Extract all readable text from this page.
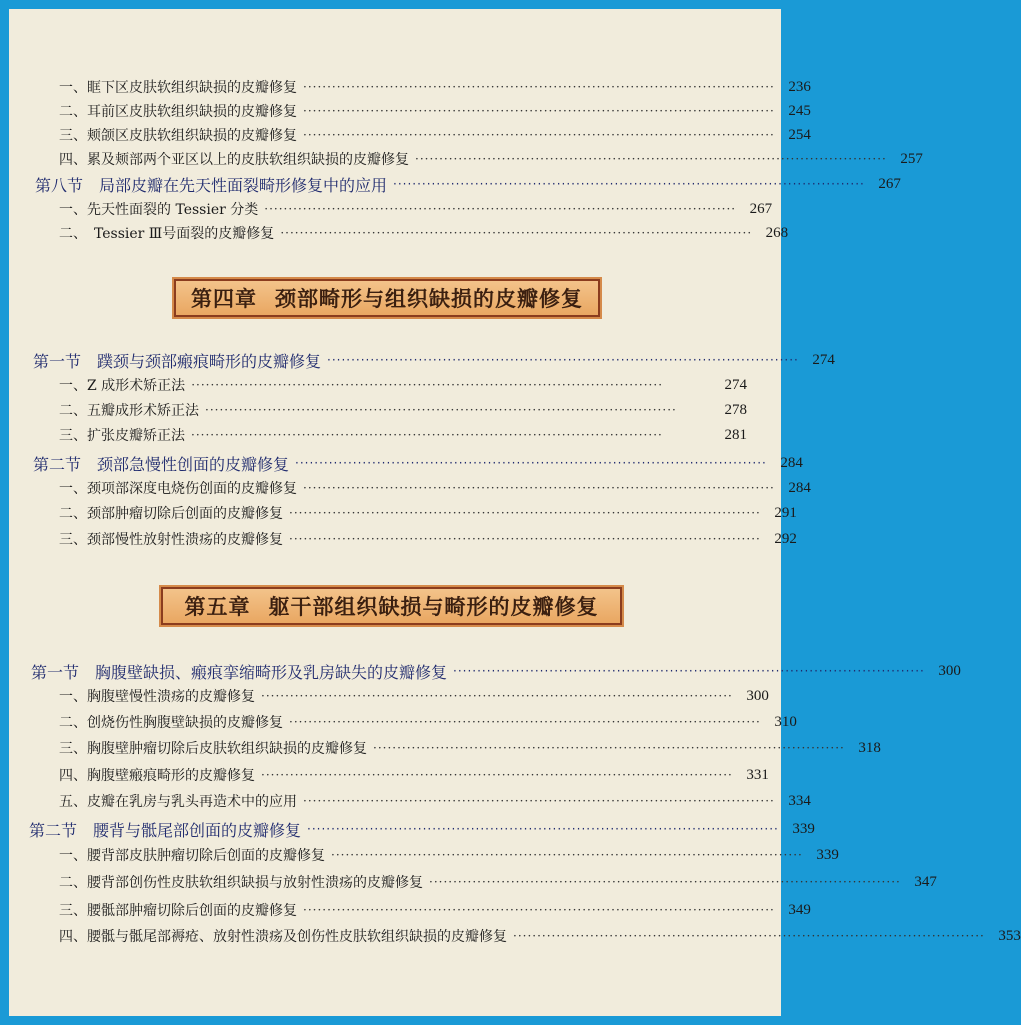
一、眶下区皮肤软组织缺损的皮瓣修复 ·································································································· 236
二、耳前区皮肤软组织缺损的皮瓣修复 ·································································································· 245
三、颊颌区皮肤软组织缺损的皮瓣修复 ·································································································· 254
四、累及颊部两个亚区以上的皮肤软组织缺损的皮瓣修复 ·································································································· 257
第八节　局部皮瓣在先天性面裂畸形修复中的应用 ·································································································· 267
一、先天性面裂的 Tessier 分类 ·································································································· 267
二、　Tessier Ⅲ号面裂的皮瓣修复 ·································································································· 268
第四章 颈部畸形与组织缺损的皮瓣修复
第一节　蹼颈与颈部瘢痕畸形的皮瓣修复 ·································································································· 274
一、Z 成形术矫正法 ··································································································	274
二、五瓣成形术矫正法 ··································································································	278
三、扩张皮瓣矫正法 ··································································································	281
第二节　颈部急慢性创面的皮瓣修复 ·································································································· 284
一、颈项部深度电烧伤创面的皮瓣修复 ·································································································· 284
二、颈部肿瘤切除后创面的皮瓣修复 ·································································································· 291
三、颈部慢性放射性溃疡的皮瓣修复 ·································································································· 292
第五章 躯干部组织缺损与畸形的皮瓣修复
第一节　胸腹壁缺损、瘢痕挛缩畸形及乳房缺失的皮瓣修复 ·································································································· 300
一、胸腹壁慢性溃疡的皮瓣修复 ·································································································· 300
二、创烧伤性胸腹壁缺损的皮瓣修复 ·································································································· 310
三、胸腹壁肿瘤切除后皮肤软组织缺损的皮瓣修复 ·································································································· 318
四、胸腹壁瘢痕畸形的皮瓣修复 ·································································································· 331
五、皮瓣在乳房与乳头再造术中的应用 ·································································································· 334
第二节　腰背与骶尾部创面的皮瓣修复 ·································································································· 339
一、腰背部皮肤肿瘤切除后创面的皮瓣修复 ·································································································· 339
二、腰背部创伤性皮肤软组织缺损与放射性溃疡的皮瓣修复 ·································································································· 347
三、腰骶部肿瘤切除后创面的皮瓣修复 ·································································································· 349
四、腰骶与骶尾部褥疮、放射性溃疡及创伤性皮肤软组织缺损的皮瓣修复 ·································································································· 353
